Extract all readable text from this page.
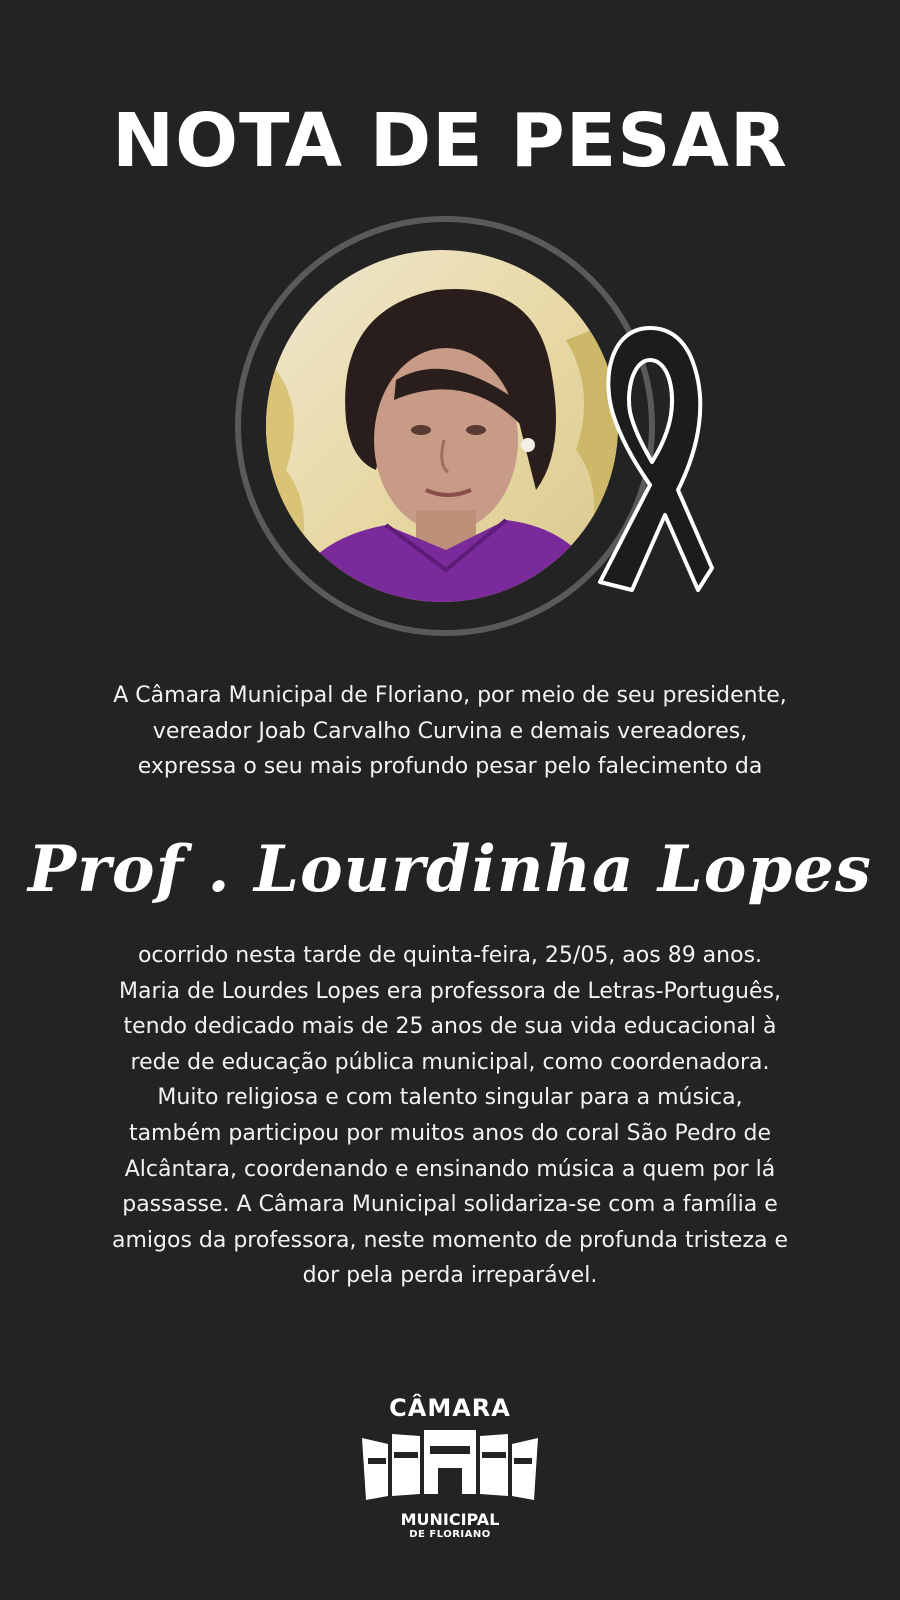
NOTA DE PESAR

A Câmara Municipal de Floriano, por meio de seu presidente, vereador Joab Carvalho Curvina e demais vereadores, expressa o seu mais profundo pesar pelo falecimento da

Prof . Lourdinha Lopes

ocorrido nesta tarde de quinta-feira, 25/05, aos 89 anos. Maria de Lourdes Lopes era professora de Letras-Português, tendo dedicado mais de 25 anos de sua vida educacional à rede de educação pública municipal, como coordenadora. Muito religiosa e com talento singular para a música, também participou por muitos anos do coral São Pedro de Alcântara, coordenando e ensinando música a quem por lá passasse. A Câmara Municipal solidariza-se com a família e amigos da professora, neste momento de profunda tristeza e dor pela perda irreparável.

CÂMARA
MUNICIPAL
DE FLORIANO
